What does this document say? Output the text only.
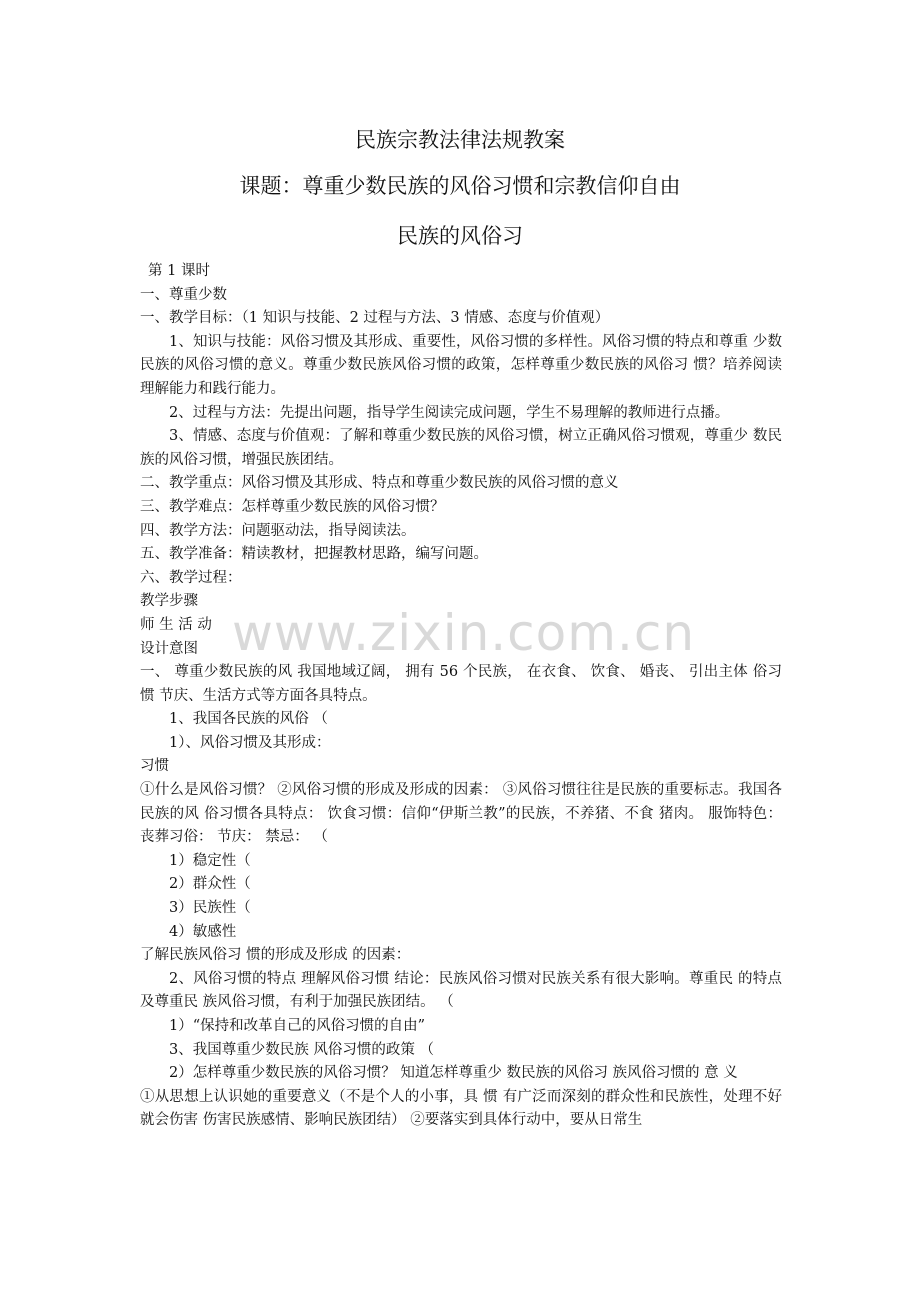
民族宗教法律法规教案
课题：尊重少数民族的风俗习惯和宗教信仰自由
民族的风俗习

第 1 课时

一、尊重少数

一、教学目标：（1 知识与技能、2 过程与方法、3 情感、态度与价值观）

1、知识与技能：风俗习惯及其形成、重要性，风俗习惯的多样性。风俗习惯的特点和尊重 少数民族的风俗习惯的意义。尊重少数民族风俗习惯的政策，怎样尊重少数民族的风俗习 惯？培养阅读理解能力和践行能力。

2、过程与方法：先提出问题，指导学生阅读完成问题，学生不易理解的教师进行点播。

3、情感、态度与价值观：了解和尊重少数民族的风俗习惯，树立正确风俗习惯观，尊重少 数民族的风俗习惯，增强民族团结。

二、教学重点：风俗习惯及其形成、特点和尊重少数民族的风俗习惯的意义

三、教学难点：怎样尊重少数民族的风俗习惯？

四、教学方法：问题驱动法，指导阅读法。

五、教学准备：精读教材，把握教材思路，编写问题。

六、教学过程：

教学步骤

师 生 活 动

设计意图

一、 尊重少数民族的风 我国地域辽阔， 拥有 56 个民族， 在衣食、 饮食、 婚丧、 引出主体 俗习惯 节庆、生活方式等方面各具特点。

1、我国各民族的风俗 （

1）、风俗习惯及其形成：

习惯

①什么是风俗习惯？ ②风俗习惯的形成及形成的因素： ③风俗习惯往往是民族的重要标志。我国各民族的风 俗习惯各具特点： 饮食习惯：信仰“伊斯兰教”的民族，不养猪、不食 猪肉。 服饰特色： 丧葬习俗： 节庆： 禁忌： （

1）稳定性（

2）群众性（

3）民族性（

4）敏感性

了解民族风俗习 惯的形成及形成 的因素：

2、风俗习惯的特点 理解风俗习惯 结论：民族风俗习惯对民族关系有很大影响。尊重民 的特点及尊重民 族风俗习惯，有利于加强民族团结。 （

1）“保持和改革自己的风俗习惯的自由”

3、我国尊重少数民族 风俗习惯的政策 （

2）怎样尊重少数民族的风俗习惯？ 知道怎样尊重少 数民族的风俗习 族风俗习惯的 意 义

①从思想上认识她的重要意义（不是个人的小事，具 惯 有广泛而深刻的群众性和民族性，处理不好就会伤害 伤害民族感情、影响民族团结） ②要落实到具体行动中，要从日常生

www.zixin.com.cn
